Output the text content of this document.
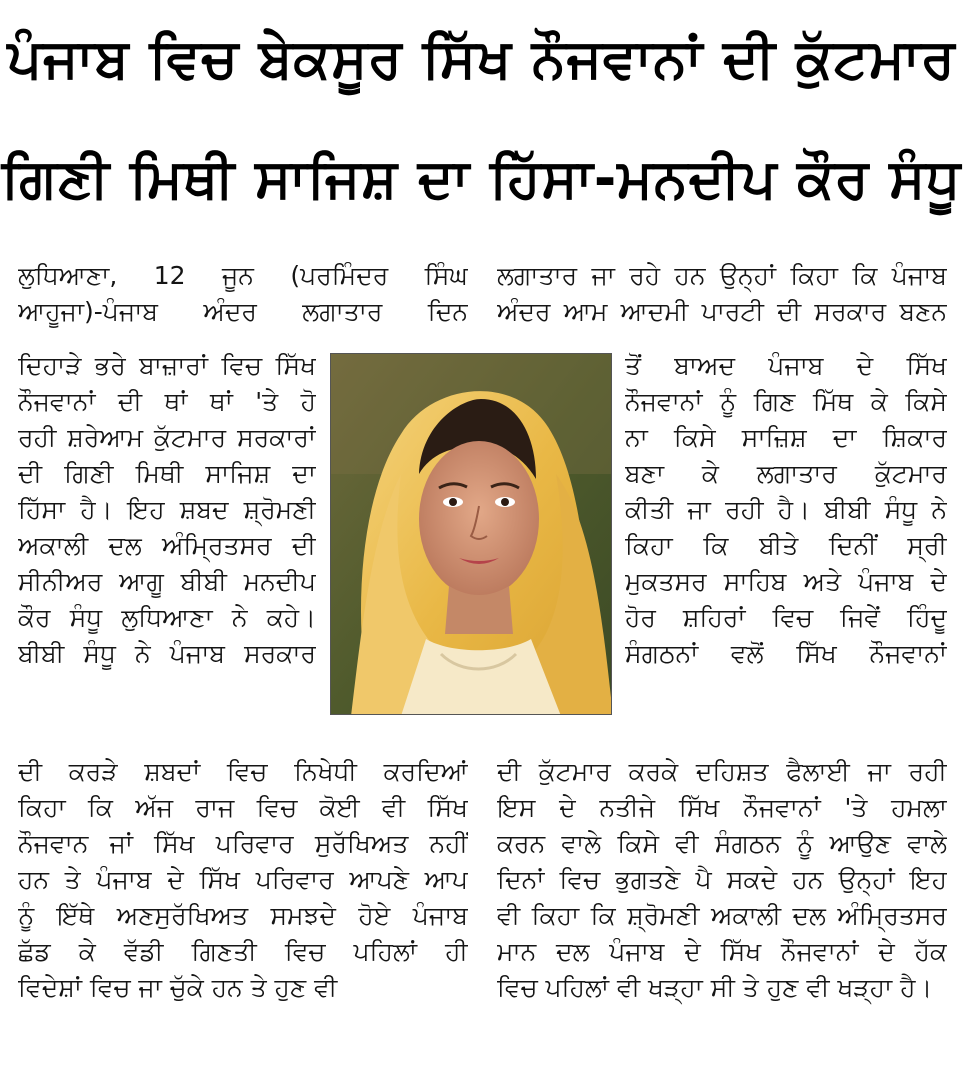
ਪੰਜਾਬ ਵਿਚ ਬੇਕਸੂਰ ਸਿੱਖ ਨੌਜਵਾਨਾਂ ਦੀ ਕੁੱਟਮਾਰ
ਗਿਣੀ ਮਿਥੀ ਸਾਜਿਸ਼ ਦਾ ਹਿੱਸਾ-ਮਨਦੀਪ ਕੌਰ ਸੰਧੂ
ਲੁਧਿਆਣਾ, 12 ਜੂਨ (ਪਰਮਿੰਦਰ ਸਿੰਘ
ਆਹੂਜਾ)-ਪੰਜਾਬ ਅੰਦਰ ਲਗਾਤਾਰ ਦਿਨ
ਦਿਹਾੜੇ ਭਰੇ ਬਾਜ਼ਾਰਾਂ ਵਿਚ ਸਿੱਖ
ਨੌਜਵਾਨਾਂ ਦੀ ਥਾਂ ਥਾਂ 'ਤੇ ਹੋ
ਰਹੀ ਸ਼ਰੇਆਮ ਕੁੱਟਮਾਰ ਸਰਕਾਰਾਂ
ਦੀ ਗਿਣੀ ਮਿਥੀ ਸਾਜਿਸ਼ ਦਾ
ਹਿੱਸਾ ਹੈ। ਇਹ ਸ਼ਬਦ ਸ਼੍ਰੋਮਣੀ
ਅਕਾਲੀ ਦਲ ਅੰਮ੍ਰਿਤਸਰ ਦੀ
ਸੀਨੀਅਰ ਆਗੂ ਬੀਬੀ ਮਨਦੀਪ
ਕੌਰ ਸੰਧੂ ਲੁਧਿਆਣਾ ਨੇ ਕਹੇ।
ਬੀਬੀ ਸੰਧੂ ਨੇ ਪੰਜਾਬ ਸਰਕਾਰ
ਦੀ ਕਰੜੇ ਸ਼ਬਦਾਂ ਵਿਚ ਨਿਖੇਧੀ ਕਰਦਿਆਂ
ਕਿਹਾ ਕਿ ਅੱਜ ਰਾਜ ਵਿਚ ਕੋਈ ਵੀ ਸਿੱਖ
ਨੌਜਵਾਨ ਜਾਂ ਸਿੱਖ ਪਰਿਵਾਰ ਸੁਰੱਖਿਅਤ ਨਹੀਂ
ਹਨ ਤੇ ਪੰਜਾਬ ਦੇ ਸਿੱਖ ਪਰਿਵਾਰ ਆਪਣੇ ਆਪ
ਨੂੰ ਇੱਥੇ ਅਣਸੁਰੱਖਿਅਤ ਸਮਝਦੇ ਹੋਏ ਪੰਜਾਬ
ਛੱਡ ਕੇ ਵੱਡੀ ਗਿਣਤੀ ਵਿਚ ਪਹਿਲਾਂ ਹੀ
ਵਿਦੇਸ਼ਾਂ ਵਿਚ ਜਾ ਚੁੱਕੇ ਹਨ ਤੇ ਹੁਣ ਵੀ
ਲਗਾਤਾਰ ਜਾ ਰਹੇ ਹਨ ਉਨ੍ਹਾਂ ਕਿਹਾ ਕਿ ਪੰਜਾਬ
ਅੰਦਰ ਆਮ ਆਦਮੀ ਪਾਰਟੀ ਦੀ ਸਰਕਾਰ ਬਣਨ
ਤੋਂ ਬਾਅਦ ਪੰਜਾਬ ਦੇ ਸਿੱਖ
ਨੌਜਵਾਨਾਂ ਨੂੰ ਗਿਣ ਮਿੱਥ ਕੇ ਕਿਸੇ
ਨਾ ਕਿਸੇ ਸਾਜ਼ਿਸ਼ ਦਾ ਸ਼ਿਕਾਰ
ਬਣਾ ਕੇ ਲਗਾਤਾਰ ਕੁੱਟਮਾਰ
ਕੀਤੀ ਜਾ ਰਹੀ ਹੈ। ਬੀਬੀ ਸੰਧੂ ਨੇ
ਕਿਹਾ ਕਿ ਬੀਤੇ ਦਿਨੀਂ ਸ੍ਰੀ
ਮੁਕਤਸਰ ਸਾਹਿਬ ਅਤੇ ਪੰਜਾਬ ਦੇ
ਹੋਰ ਸ਼ਹਿਰਾਂ ਵਿਚ ਜਿਵੇਂ ਹਿੰਦੂ
ਸੰਗਠਨਾਂ ਵਲੋਂ ਸਿੱਖ ਨੌਜਵਾਨਾਂ
ਦੀ ਕੁੱਟਮਾਰ ਕਰਕੇ ਦਹਿਸ਼ਤ ਫੈਲਾਈ ਜਾ ਰਹੀ
ਇਸ ਦੇ ਨਤੀਜੇ ਸਿੱਖ ਨੌਜਵਾਨਾਂ 'ਤੇ ਹਮਲਾ
ਕਰਨ ਵਾਲੇ ਕਿਸੇ ਵੀ ਸੰਗਠਨ ਨੂੰ ਆਉਣ ਵਾਲੇ
ਦਿਨਾਂ ਵਿਚ ਭੁਗਤਣੇ ਪੈ ਸਕਦੇ ਹਨ ਉਨ੍ਹਾਂ ਇਹ
ਵੀ ਕਿਹਾ ਕਿ ਸ਼੍ਰੋਮਣੀ ਅਕਾਲੀ ਦਲ ਅੰਮ੍ਰਿਤਸਰ
ਮਾਨ ਦਲ ਪੰਜਾਬ ਦੇ ਸਿੱਖ ਨੌਜਵਾਨਾਂ ਦੇ ਹੱਕ
ਵਿਚ ਪਹਿਲਾਂ ਵੀ ਖੜ੍ਹਾ ਸੀ ਤੇ ਹੁਣ ਵੀ ਖੜ੍ਹਾ ਹੈ।
